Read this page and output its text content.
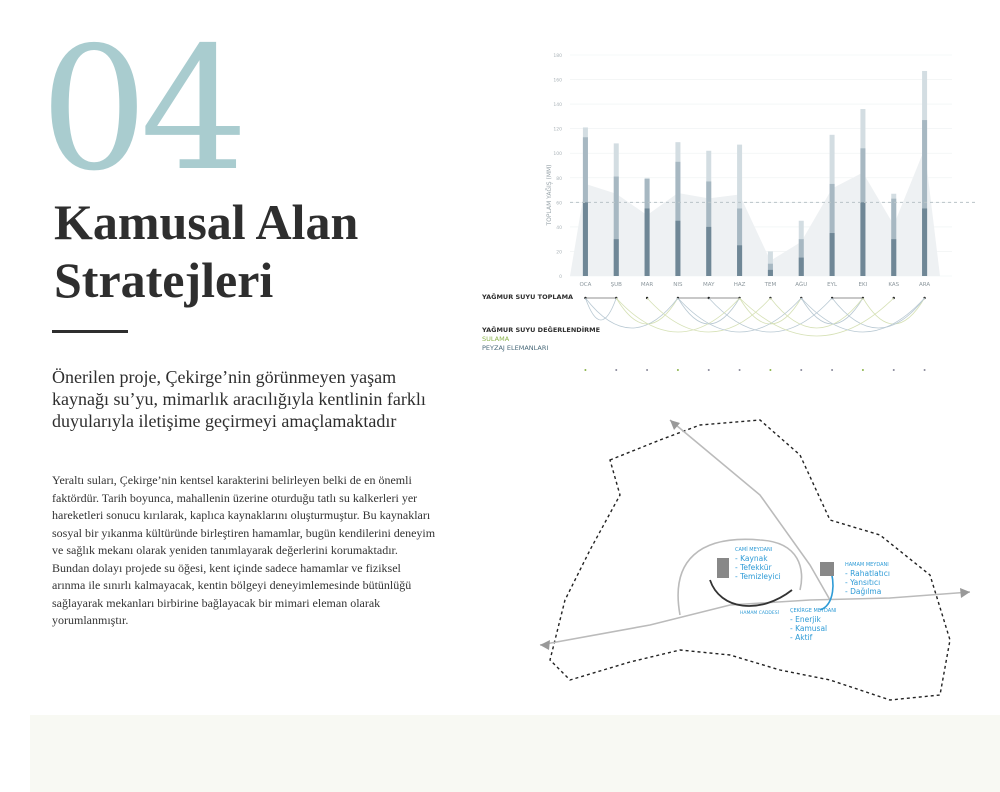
04
Kamusal Alan
Stratejleri

Önerilen proje, Çekirge’nin görünmeyen yaşam kaynağı su’yu, mimarlık aracılığıyla kentlinin farklı duyularıyla iletişime geçirmeyi amaçlamaktadır

Yeraltı suları, Çekirge’nin kentsel karakterini belirleyen belki de en önemli faktördür. Tarih boyunca, mahallenin üzerine oturduğu tatlı su kalkerleri yer hareketleri sonucu kırılarak, kaplıca kaynaklarını oluşturmuştur. Bu kaynakları sosyal bir yıkanma kültüründe birleştiren hamamlar, bugün kendilerini deneyim ve sağlık mekanı olarak yeniden tanımlayarak değerlerini korumaktadır. Bundan dolayı projede su öğesi, kent içinde sadece hamamlar ve fiziksel arınma ile sınırlı kalmayacak, kentin bölgeyi deneyimlemesinde bütünlüğü sağlayarak mekanları birbirine bağlayacak bir mimari eleman olarak yorumlanmıştır.

0
20
40
60
80
100
120
140
160
180
OCA	ŞUB	MAR	NIS	MAY	HAZ	TEM	AĞU	EYL	EKI	KAS	ARA
TOPLAM YAĞIŞ (MM)
YAĞMUR SUYU TOPLAMA
YAĞMUR SUYU DEĞERLENDİRME
SULAMA
PEYZAJ ELEMANLARI
CAMİ MEYDANI
- Kaynak
- Tefekkür
- Temizleyici
HAMAM MEYDANI
- Rahatlatıcı
- Yansıtıcı
- Dağılma
ÇEKİRGE MEYDANI
- Enerjik
- Kamusal
- Aktif
HAMAM CADDESİ
